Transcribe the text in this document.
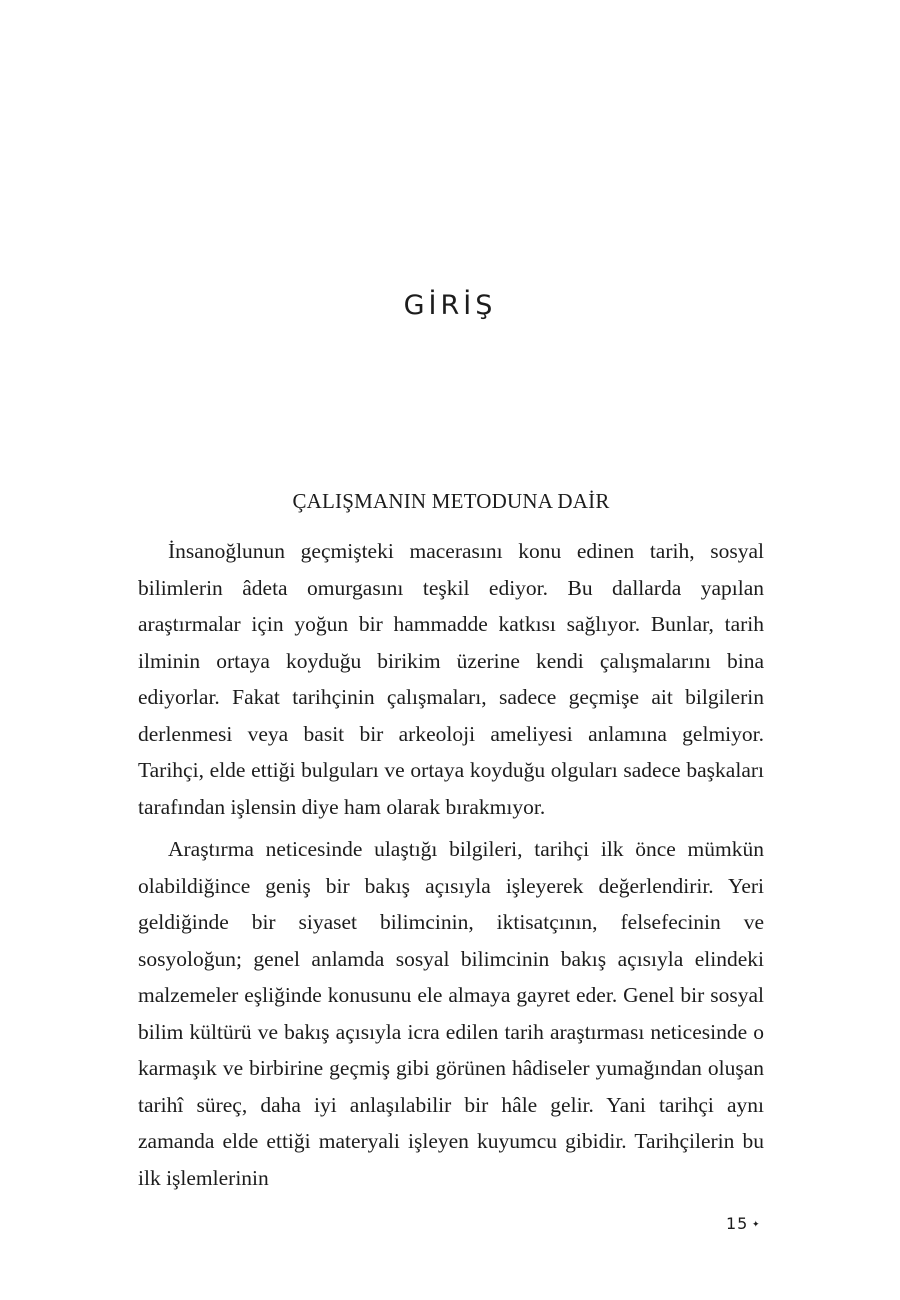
GİRİŞ
ÇALIŞMANIN METODUNA DAİR

İnsanoğlunun geçmişteki macerasını konu edinen tarih, sosyal bilimlerin âdeta omurgasını teşkil ediyor. Bu dallarda yapılan araştırmalar için yoğun bir hammadde katkısı sağlıyor. Bunlar, tarih ilminin ortaya koyduğu birikim üzerine kendi çalışmalarını bina ediyorlar. Fakat tarihçinin çalışmaları, sadece geçmişe ait bilgilerin derlenmesi veya basit bir arkeoloji ameliyesi anlamına gelmiyor. Tarihçi, elde ettiği bulguları ve ortaya koyduğu olguları sadece başkaları tarafından işlensin diye ham olarak bırakmıyor.

Araştırma neticesinde ulaştığı bilgileri, tarihçi ilk önce mümkün olabildiğince geniş bir bakış açısıyla işleyerek değerlendirir. Yeri geldiğinde bir siyaset bilimcinin, iktisatçının, felsefecinin ve sosyoloğun; genel anlamda sosyal bilimcinin bakış açısıyla elindeki malzemeler eşliğinde konusunu ele almaya gayret eder. Genel bir sosyal bilim kültürü ve bakış açısıyla icra edilen tarih araştırması neticesinde o karmaşık ve birbirine geçmiş gibi görünen hâdiseler yumağından oluşan tarihî süreç, daha iyi anlaşılabilir bir hâle gelir. Yani tarihçi aynı zamanda elde ettiği materyali işleyen kuyumcu gibidir. Tarihçilerin bu ilk işlemlerinin

15 ✦
